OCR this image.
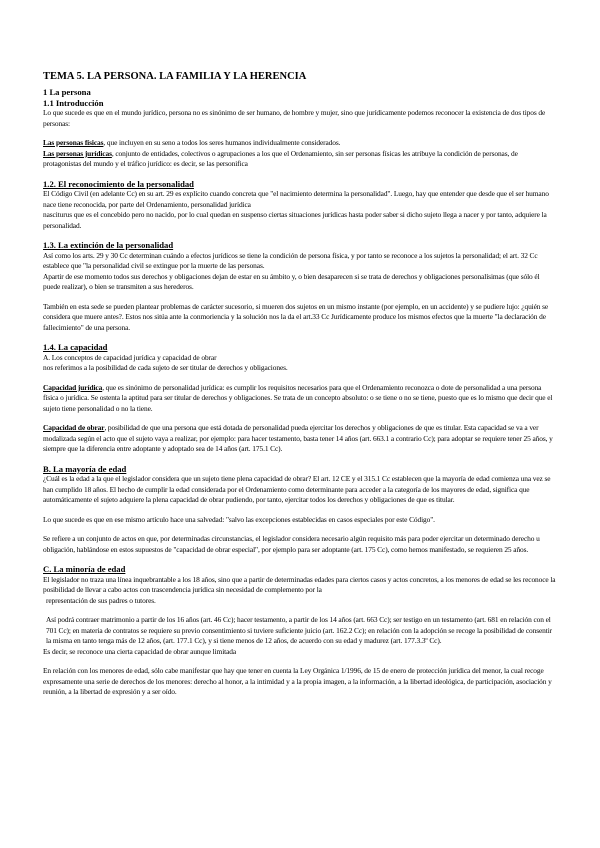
TEMA 5. LA PERSONA. LA FAMILIA Y LA HERENCIA
1 La persona
1.1 Introducción

Lo que sucede es que en el mundo jurídico, persona no es sinónimo de ser humano, de hombre y mujer, sino que jurídicamente podemos reconocer la existencia de dos tipos de personas:

Las personas físicas, que incluyen en su seno a todos los seres humanos individualmente considerados.

Las personas jurídicas, conjunto de entidades, colectivos o agrupaciones a los que el Ordenamiento, sin ser personas físicas les atribuye la condición de personas, de protagonistas del mundo y el tráfico jurídico: es decir, se las personifica

1.2. El reconocimiento de la personalidad

El Código Civil (en adelante Cc) en su art. 29 es explícito cuando concreta que "el nacimiento determina la personalidad". Luego, hay que entender que desde que el ser humano nace tiene reconocida, por parte del Ordenamiento, personalidad jurídica

nasciturus que es el concebido pero no nacido, por lo cual quedan en suspenso ciertas situaciones jurídicas hasta poder saber si dicho sujeto llega a nacer y por tanto, adquiere la personalidad.

1.3. La extinción de la personalidad

Así como los arts. 29 y 30 Cc determinan cuándo a efectos jurídicos se tiene la condición de persona física, y por tanto se reconoce a los sujetos la personalidad; el art. 32 Cc establece que "la personalidad civil se extingue por la muerte de las personas.

Apartir de ese momento todos sus derechos y obligaciones dejan de estar en su ámbito y, o bien desaparecen si se trata de derechos y obligaciones personalísimas (que sólo él puede realizar), o bien se transmiten a sus herederos.

También en esta sede se pueden plantear problemas de carácter sucesorio, si mueren dos sujetos en un mismo instante (por ejemplo, en un accidente) y se pudiere lujo: ¿quién se considera que muere antes?. Estos nos sitúa ante la conmoriencia y la solución nos la da el art.33 Cc Jurídicamente produce los mismos efectos que la muerte "la declaración de fallecimiento" de una persona.

1.4. La capacidad

A. Los conceptos de capacidad jurídica y capacidad de obrar

nos referimos a la posibilidad de cada sujeto de ser titular de derechos y obligaciones.

Capacidad jurídica, que es sinónimo de personalidad jurídica: es cumplir los requisitos necesarios para que el Ordenamiento reconozca o dote de personalidad a una persona física o jurídica. Se ostenta la aptitud para ser titular de derechos y obligaciones. Se trata de un concepto absoluto: o se tiene o no se tiene, puesto que es lo mismo que decir que el sujeto tiene personalidad o no la tiene.

Capacidad de obrar, posibilidad de que una persona que está dotada de personalidad pueda ejercitar los derechos y obligaciones de que es titular. Esta capacidad se va a ver modalizada según el acto que el sujeto vaya a realizar, por ejemplo: para hacer testamento, basta tener 14 años (art. 663.1 a contrario Cc); para adoptar se requiere tener 25 años, y siempre que la diferencia entre adoptante y adoptado sea de 14 años (art. 175.1 Cc).

B. La mayoría de edad

¿Cuál es la edad a la que el legislador considera que un sujeto tiene plena capacidad de obrar? El art. 12 CE y el 315.1 Cc establecen que la mayoría de edad comienza una vez se han cumplido 18 años. El hecho de cumplir la edad considerada por el Ordenamiento como determinante para acceder a la categoría de los mayores de edad, significa que automáticamente el sujeto adquiere la plena capacidad de obrar pudiendo, por tanto, ejercitar todos los derechos y obligaciones de que es titular.

Lo que sucede es que en ese mismo artículo hace una salvedad: "salvo las excepciones establecidas en casos especiales por este Código".

Se refiere a un conjunto de actos en que, por determinadas circunstancias, el legislador considera necesario algún requisito más para poder ejercitar un determinado derecho u obligación, hablándose en estos supuestos de "capacidad de obrar especial", por ejemplo para ser adoptante (art. 175 Cc), como hemos manifestado, se requieren 25 años.

C. La minoría de edad

El legislador no traza una línea inquebrantable a los 18 años, sino que a partir de determinadas edades para ciertos casos y actos concretos, a los menores de edad se les reconoce la posibilidad de llevar a cabo actos con trascendencia jurídica sin necesidad de complemento por la

representación de sus padres o tutores.

Así podrá contraer matrimonio a partir de los 16 años (art. 46 Cc); hacer testamento, a partir de los 14 años (art. 663 Cc); ser testigo en un testamento (art. 681 en relación con el 701 Cc); en materia de contratos se requiere su previo consentimiento si tuviere suficiente juicio (art. 162.2 Cc); en relación con la adopción se recoge la posibilidad de consentir la misma en tanto tenga más de 12 años, (art. 177.1 Cc), y si tiene menos de 12 años, de acuerdo con su edad y madurez (art. 177.3.3º Cc).

Es decir, se reconoce una cierta capacidad de obrar aunque limitada

En relación con los menores de edad, sólo cabe manifestar que hay que tener en cuenta la Ley Orgánica 1/1996, de 15 de enero de protección jurídica del menor, la cual recoge expresamente una serie de derechos de los menores: derecho al honor, a la intimidad y a la propia imagen, a la información, a la libertad ideológica, de participación, asociación y reunión, a la libertad de expresión y a ser oído.
